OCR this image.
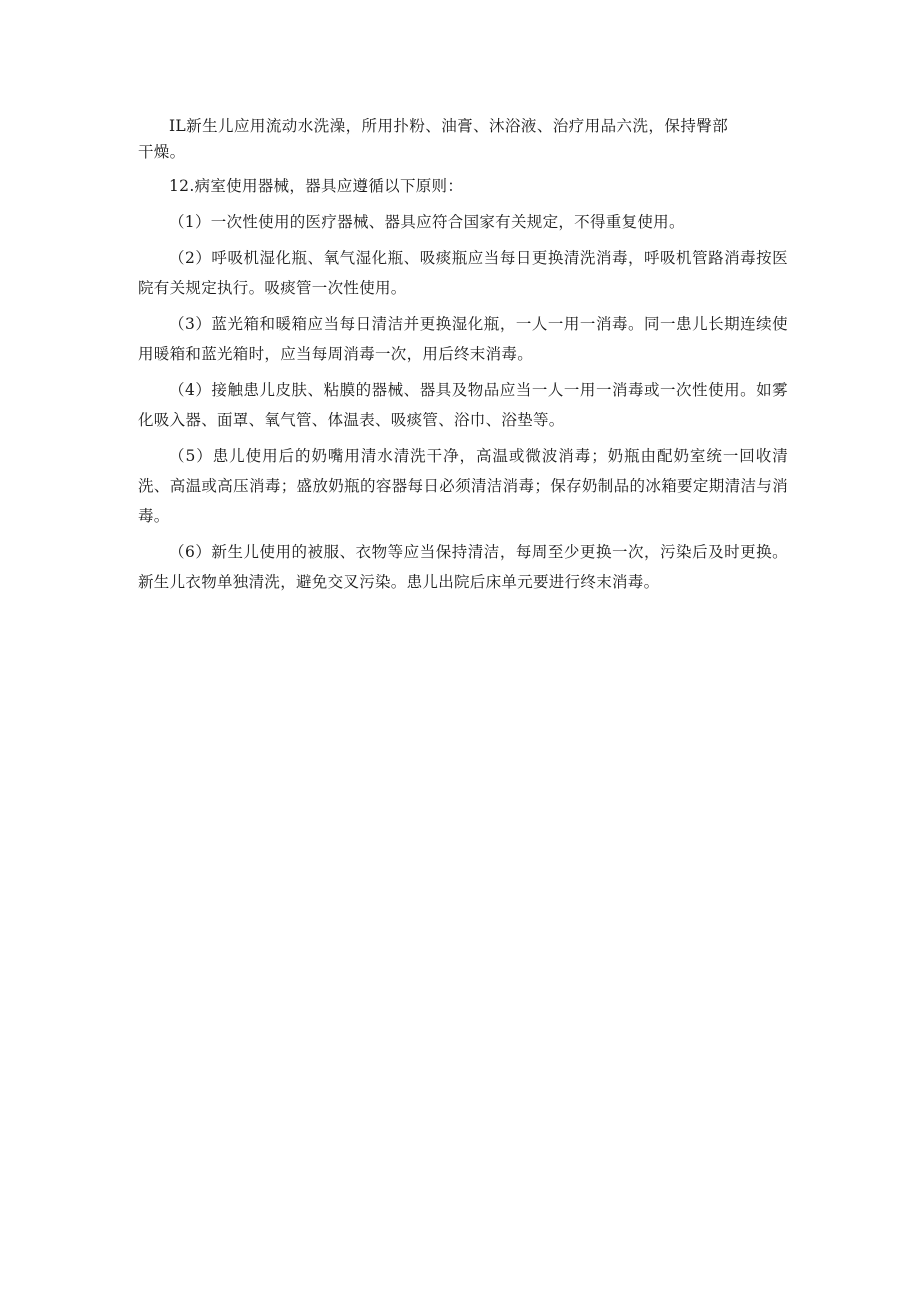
IL新生儿应用流动水洗澡，所用扑粉、油膏、沐浴液、治疗用品六洗，保持臀部干燥。

12.病室使用器械，器具应遵循以下原则：

（1）一次性使用的医疗器械、器具应符合国家有关规定，不得重复使用。

（2）呼吸机湿化瓶、氧气湿化瓶、吸痰瓶应当每日更换清洗消毒，呼吸机管路消毒按医院有关规定执行。吸痰管一次性使用。

（3）蓝光箱和暖箱应当每日清洁并更换湿化瓶，一人一用一消毒。同一患儿长期连续使用暖箱和蓝光箱时，应当每周消毒一次，用后终末消毒。

（4）接触患儿皮肤、粘膜的器械、器具及物品应当一人一用一消毒或一次性使用。如雾化吸入器、面罩、氧气管、体温表、吸痰管、浴巾、浴垫等。

（5）患儿使用后的奶嘴用清水清洗干净，高温或微波消毒；奶瓶由配奶室统一回收清洗、高温或高压消毒；盛放奶瓶的容器每日必须清洁消毒；保存奶制品的冰箱要定期清洁与消毒。

（6）新生儿使用的被服、衣物等应当保持清洁，每周至少更换一次，污染后及时更换。新生儿衣物单独清洗，避免交叉污染。患儿出院后床单元要进行终末消毒。
